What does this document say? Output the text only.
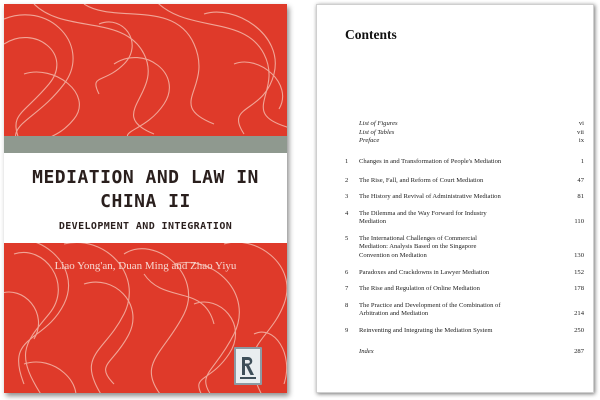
MEDIATION AND LAW IN
CHINA II
DEVELOPMENT AND INTEGRATION
Liao Yong'an, Duan Ming and Zhao Yiyu
Contents
List of Figures	vi
List of Tables	vii
Preface	ix
1	Changes in and Transformation of People's Mediation	1
2	The Rise, Fall, and Reform of Court Mediation	47
3	The History and Revival of Administrative Mediation	81
4	The Dilemma and the Way Forward for Industry
Mediation	110
5	The International Challenges of Commercial
Mediation: Analysis Based on the Singapore
Convention on Mediation	130
6	Paradoxes and Crackdowns in Lawyer Mediation	152
7	The Rise and Regulation of Online Mediation	178
8	The Practice and Development of the Combination of
Arbitration and Mediation	214
9	Reinventing and Integrating the Mediation System	250
Index	287
